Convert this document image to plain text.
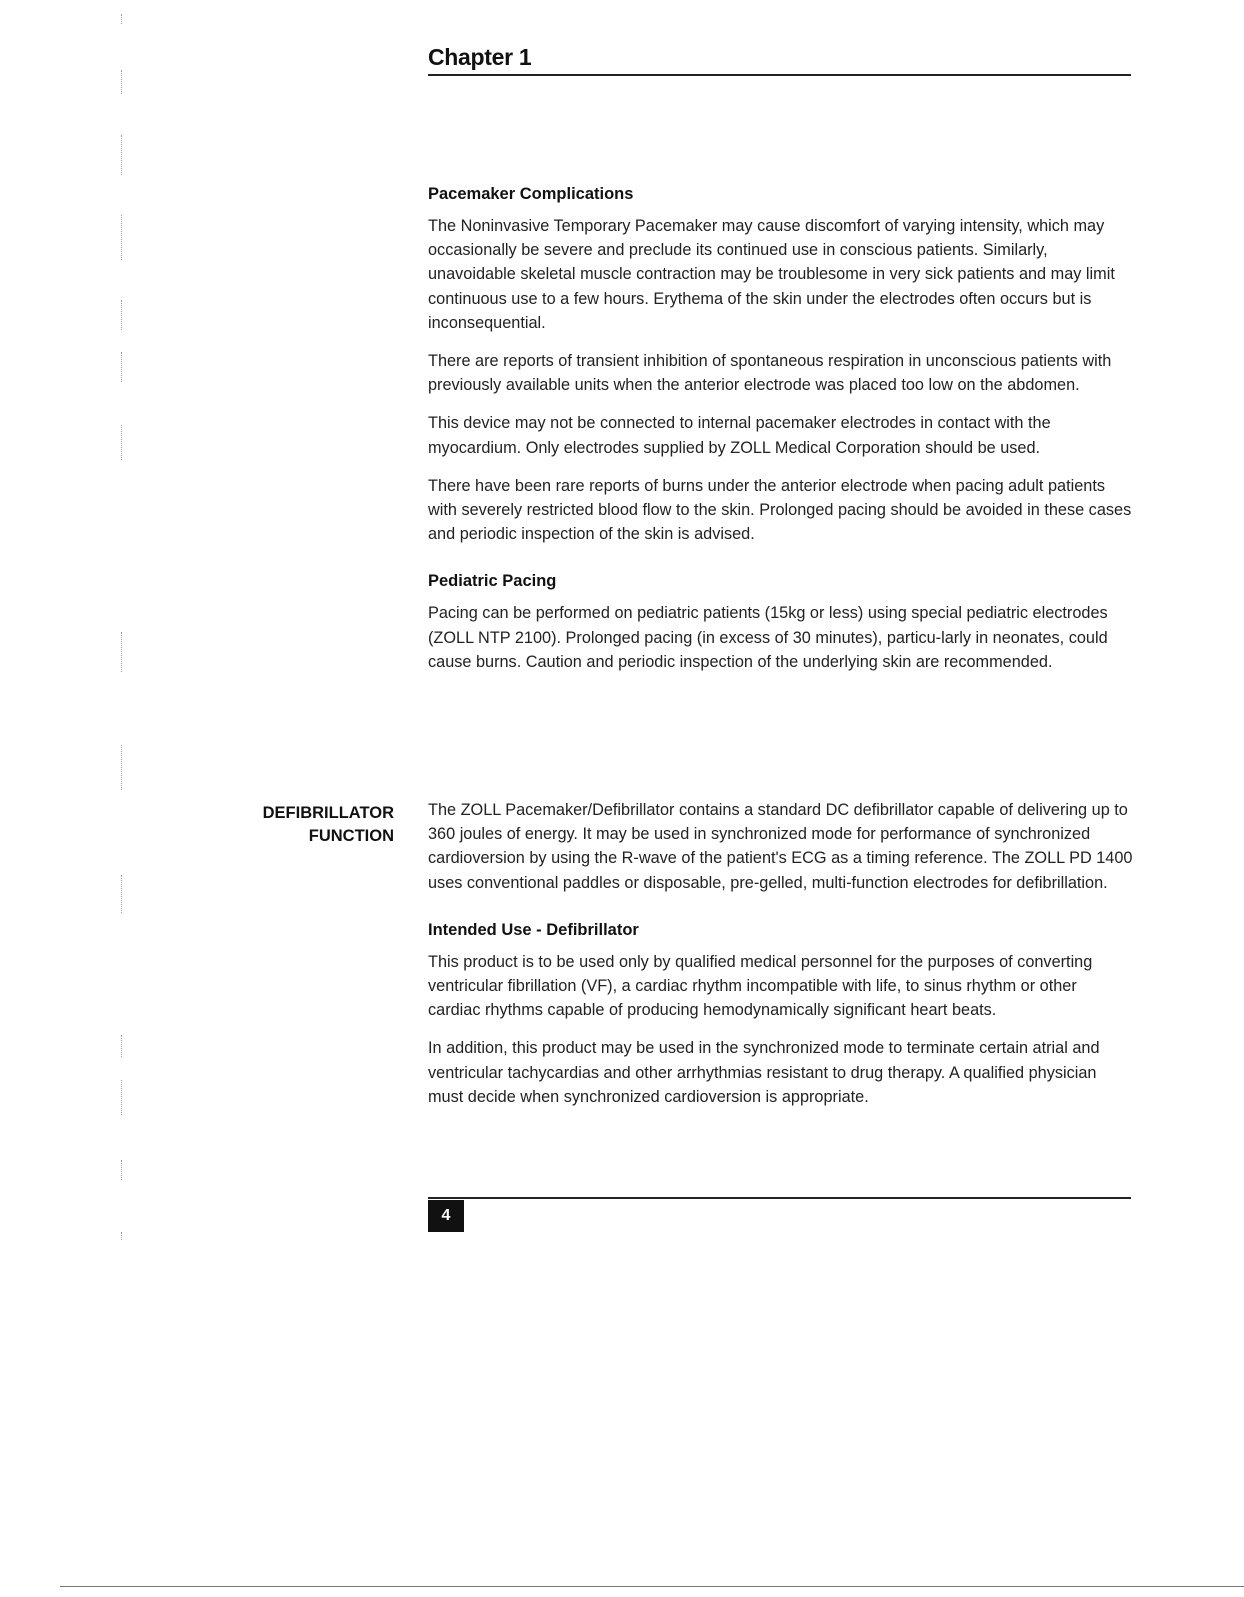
Chapter 1
Pacemaker Complications

The Noninvasive Temporary Pacemaker may cause discomfort of varying intensity, which may occasionally be severe and preclude its continued use in conscious patients. Similarly, unavoidable skeletal muscle contraction may be troublesome in very sick patients and may limit continuous use to a few hours. Erythema of the skin under the electrodes often occurs but is inconsequential.

There are reports of transient inhibition of spontaneous respiration in unconscious patients with previously available units when the anterior electrode was placed too low on the abdomen.

This device may not be connected to internal pacemaker electrodes in contact with the myocardium. Only electrodes supplied by ZOLL Medical Corporation should be used.

There have been rare reports of burns under the anterior electrode when pacing adult patients with severely restricted blood flow to the skin. Prolonged pacing should be avoided in these cases and periodic inspection of the skin is advised.

Pediatric Pacing

Pacing can be performed on pediatric patients (15kg or less) using special pediatric electrodes (ZOLL NTP 2100). Prolonged pacing (in excess of 30 minutes), particu-larly in neonates, could cause burns. Caution and periodic inspection of the underlying skin are recommended.

DEFIBRILLATOR
FUNCTION

The ZOLL Pacemaker/Defibrillator contains a standard DC defibrillator capable of delivering up to 360 joules of energy. It may be used in synchronized mode for performance of synchronized cardioversion by using the R-wave of the patient's ECG as a timing reference. The ZOLL PD 1400 uses conventional paddles or disposable, pre-gelled, multi-function electrodes for defibrillation.

Intended Use - Defibrillator

This product is to be used only by qualified medical personnel for the purposes of converting ventricular fibrillation (VF), a cardiac rhythm incompatible with life, to sinus rhythm or other cardiac rhythms capable of producing hemodynamically significant heart beats.

In addition, this product may be used in the synchronized mode to terminate certain atrial and ventricular tachycardias and other arrhythmias resistant to drug therapy. A qualified physician must decide when synchronized cardioversion is appropriate.

4
